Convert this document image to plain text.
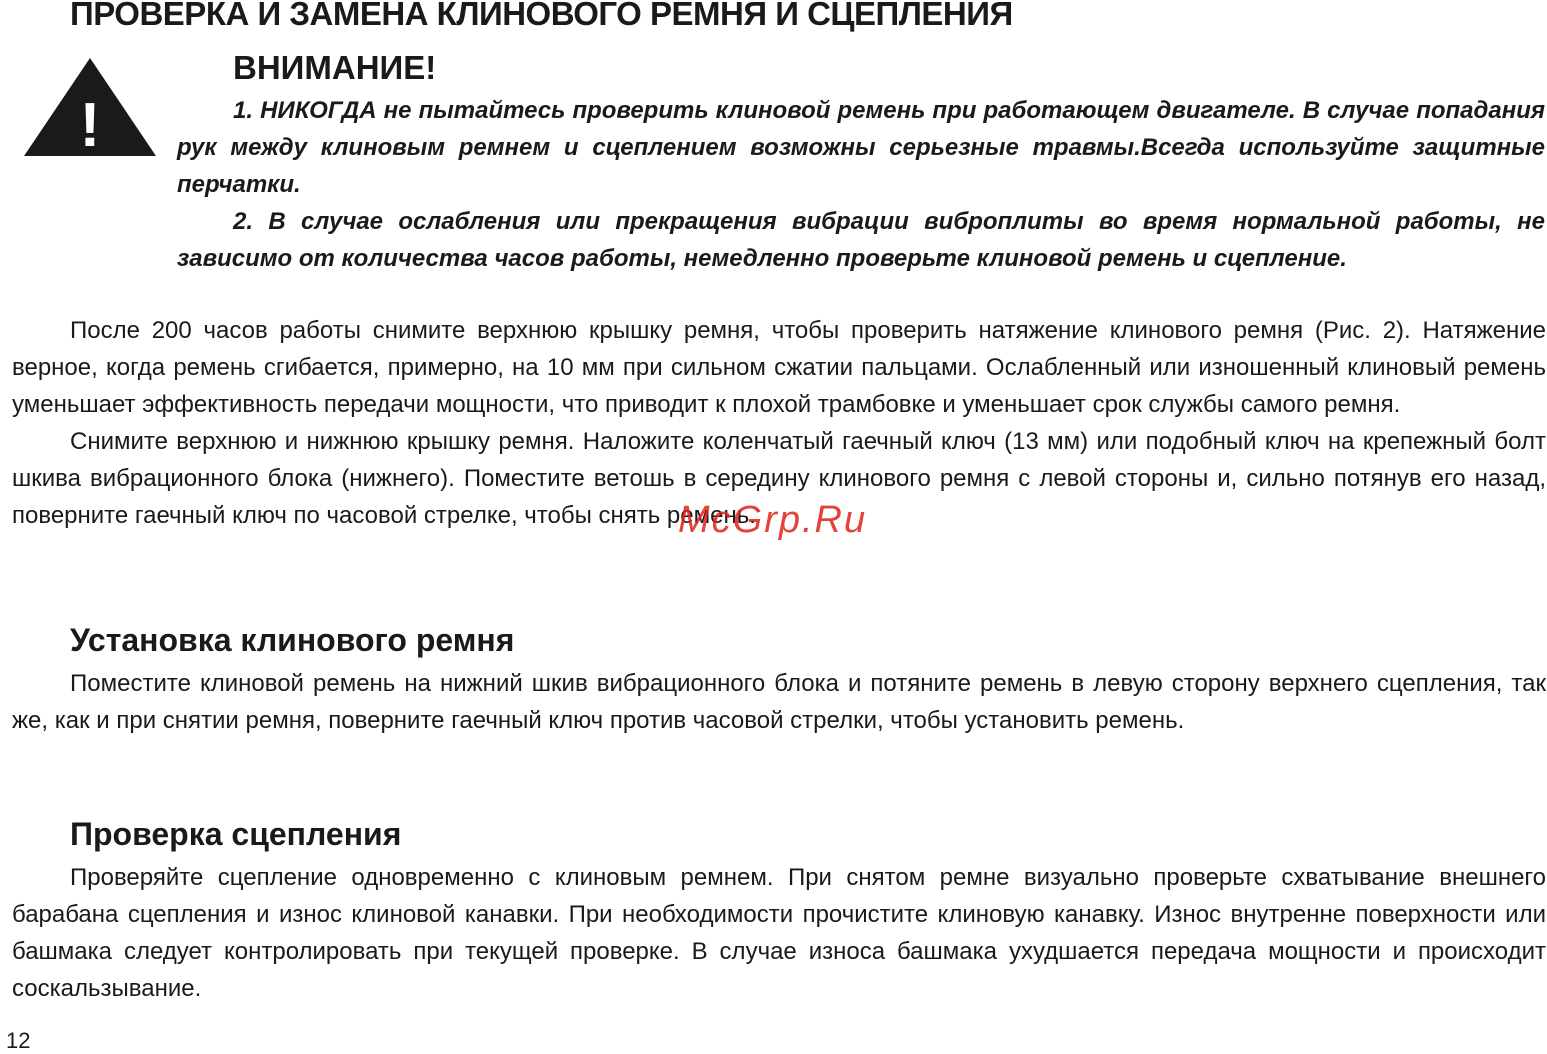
ПРОВЕРКА И ЗАМЕНА КЛИНОВОГО РЕМНЯ И СЦЕПЛЕНИЯ
!
ВНИМАНИЕ!

1. НИКОГДА не пытайтесь проверить клиновой ремень при работающем двигателе. В случае попадания рук между клиновым ремнем и сцеплением возможны серьезные травмы.Всегда используйте защитные перчатки.

2. В случае ослабления или прекращения вибрации виброплиты во время нормальной работы, не зависимо от количества часов работы, немедленно проверьте клиновой ремень и сцепление.

После 200 часов работы снимите верхнюю крышку ремня, чтобы проверить натяжение клинового ремня (Рис. 2). Натяжение верное, когда ремень сгибается, примерно, на 10 мм при сильном сжатии пальцами. Ослабленный или изношенный клиновый ремень уменьшает эффективность передачи мощности, что приводит к плохой трамбовке и уменьшает срок службы самого ремня.

Снимите верхнюю и нижнюю крышку ремня. Наложите коленчатый гаечный ключ (13 мм) или подобный ключ на крепежный болт шкива вибрационного блока (нижнего). Поместите ветошь в середину клинового ремня с левой стороны и, сильно потянув его назад, поверните гаечный ключ по часовой стрелке, чтобы снять ремень.

Установка клинового ремня

Поместите клиновой ремень на нижний шкив вибрационного блока и потяните ремень в левую сторону верхнего сцепления, так же, как и при снятии ремня, поверните гаечный ключ против часовой стрелки, чтобы установить ремень.

Проверка сцепления

Проверяйте сцепление одновременно с клиновым ремнем. При снятом ремне визуально проверьте схватывание внешнего барабана сцепления и износ клиновой канавки. При необходимости прочистите клиновую канавку. Износ внутренне поверхности или башмака следует контролировать при текущей проверке. В случае износа башмака ухудшается передача мощности и происходит соскальзывание.

McGrp.Ru
12
